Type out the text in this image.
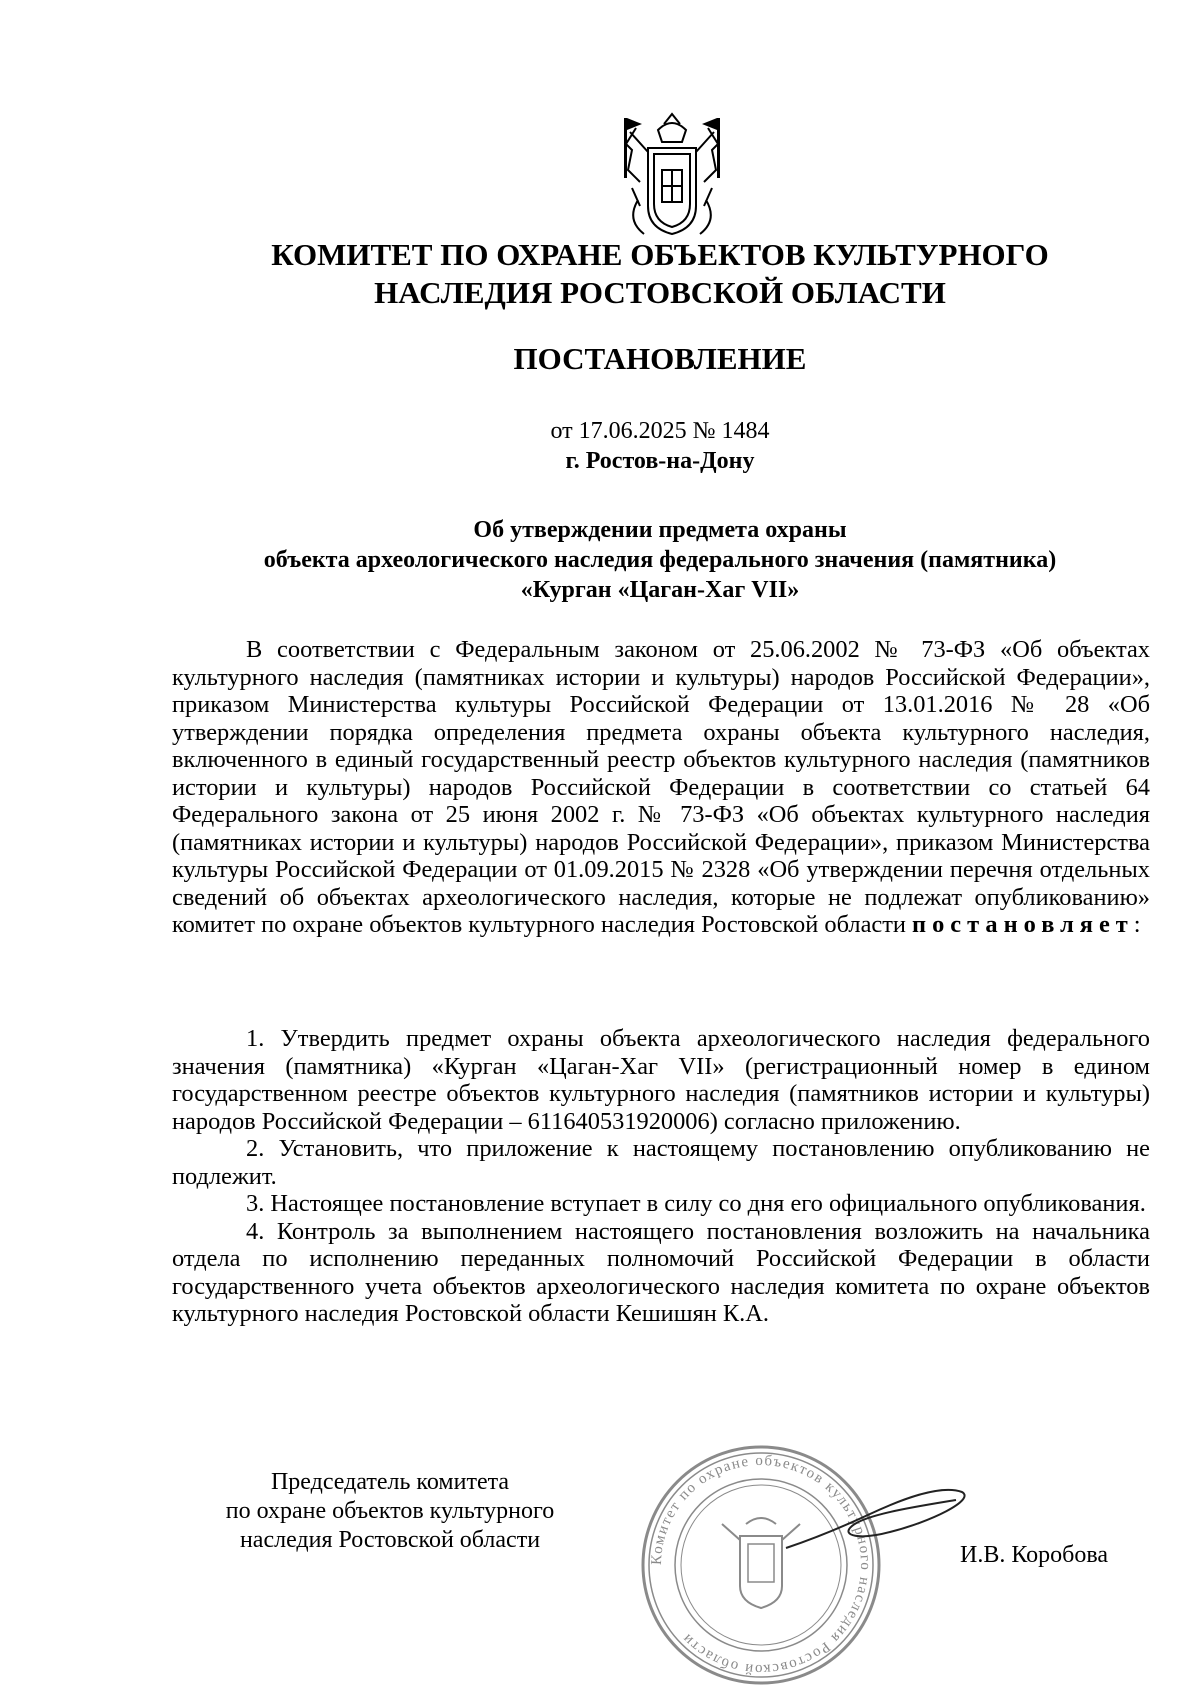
КОМИТЕТ ПО ОХРАНЕ ОБЪЕКТОВ КУЛЬТУРНОГО
НАСЛЕДИЯ РОСТОВСКОЙ ОБЛАСТИ
ПОСТАНОВЛЕНИЕ
от 17.06.2025 № 1484
г. Ростов-на-Дону
Об утверждении предмета охраны
объекта археологического наследия федерального значения (памятника)
«Курган «Цаган-Хаг VII»
В соответствии с Федеральным законом от 25.06.2002 № 73-ФЗ «Об объектах культурного наследия (памятниках истории и культуры) народов Российской Федерации», приказом Министерства культуры Российской Федерации от 13.01.2016 № 28 «Об утверждении порядка определения предмета охраны объекта культурного наследия, включенного в единый государственный реестр объектов культурного наследия (памятников истории и культуры) народов Российской Федерации в соответствии со статьей 64 Федерального закона от 25 июня 2002 г. № 73-ФЗ «Об объектах культурного наследия (памятниках истории и культуры) народов Российской Федерации», приказом Министерства культуры Российской Федерации от 01.09.2015 № 2328 «Об утверждении перечня отдельных сведений об объектах археологического наследия, которые не подлежат опубликованию» комитет по охране объектов культурного наследия Ростовской области постановляет:

1. Утвердить предмет охраны объекта археологического наследия федерального значения (памятника) «Курган «Цаган-Хаг VII» (регистрационный номер в едином государственном реестре объектов культурного наследия (памятников истории и культуры) народов Российской Федерации – 611640531920006) согласно приложению.

2. Установить, что приложение к настоящему постановлению опубликованию не подлежит.

3. Настоящее постановление вступает в силу со дня его официального опубликования.

4. Контроль за выполнением настоящего постановления возложить на начальника отдела по исполнению переданных полномочий Российской Федерации в области государственного учета объектов археологического наследия комитета по охране объектов культурного наследия Ростовской области Кешишян К.А.

Председатель комитета
по охране объектов культурного
наследия Ростовской области
Комитет по охране объектов культурного наследия Ростовской области
И.В. Коробова
